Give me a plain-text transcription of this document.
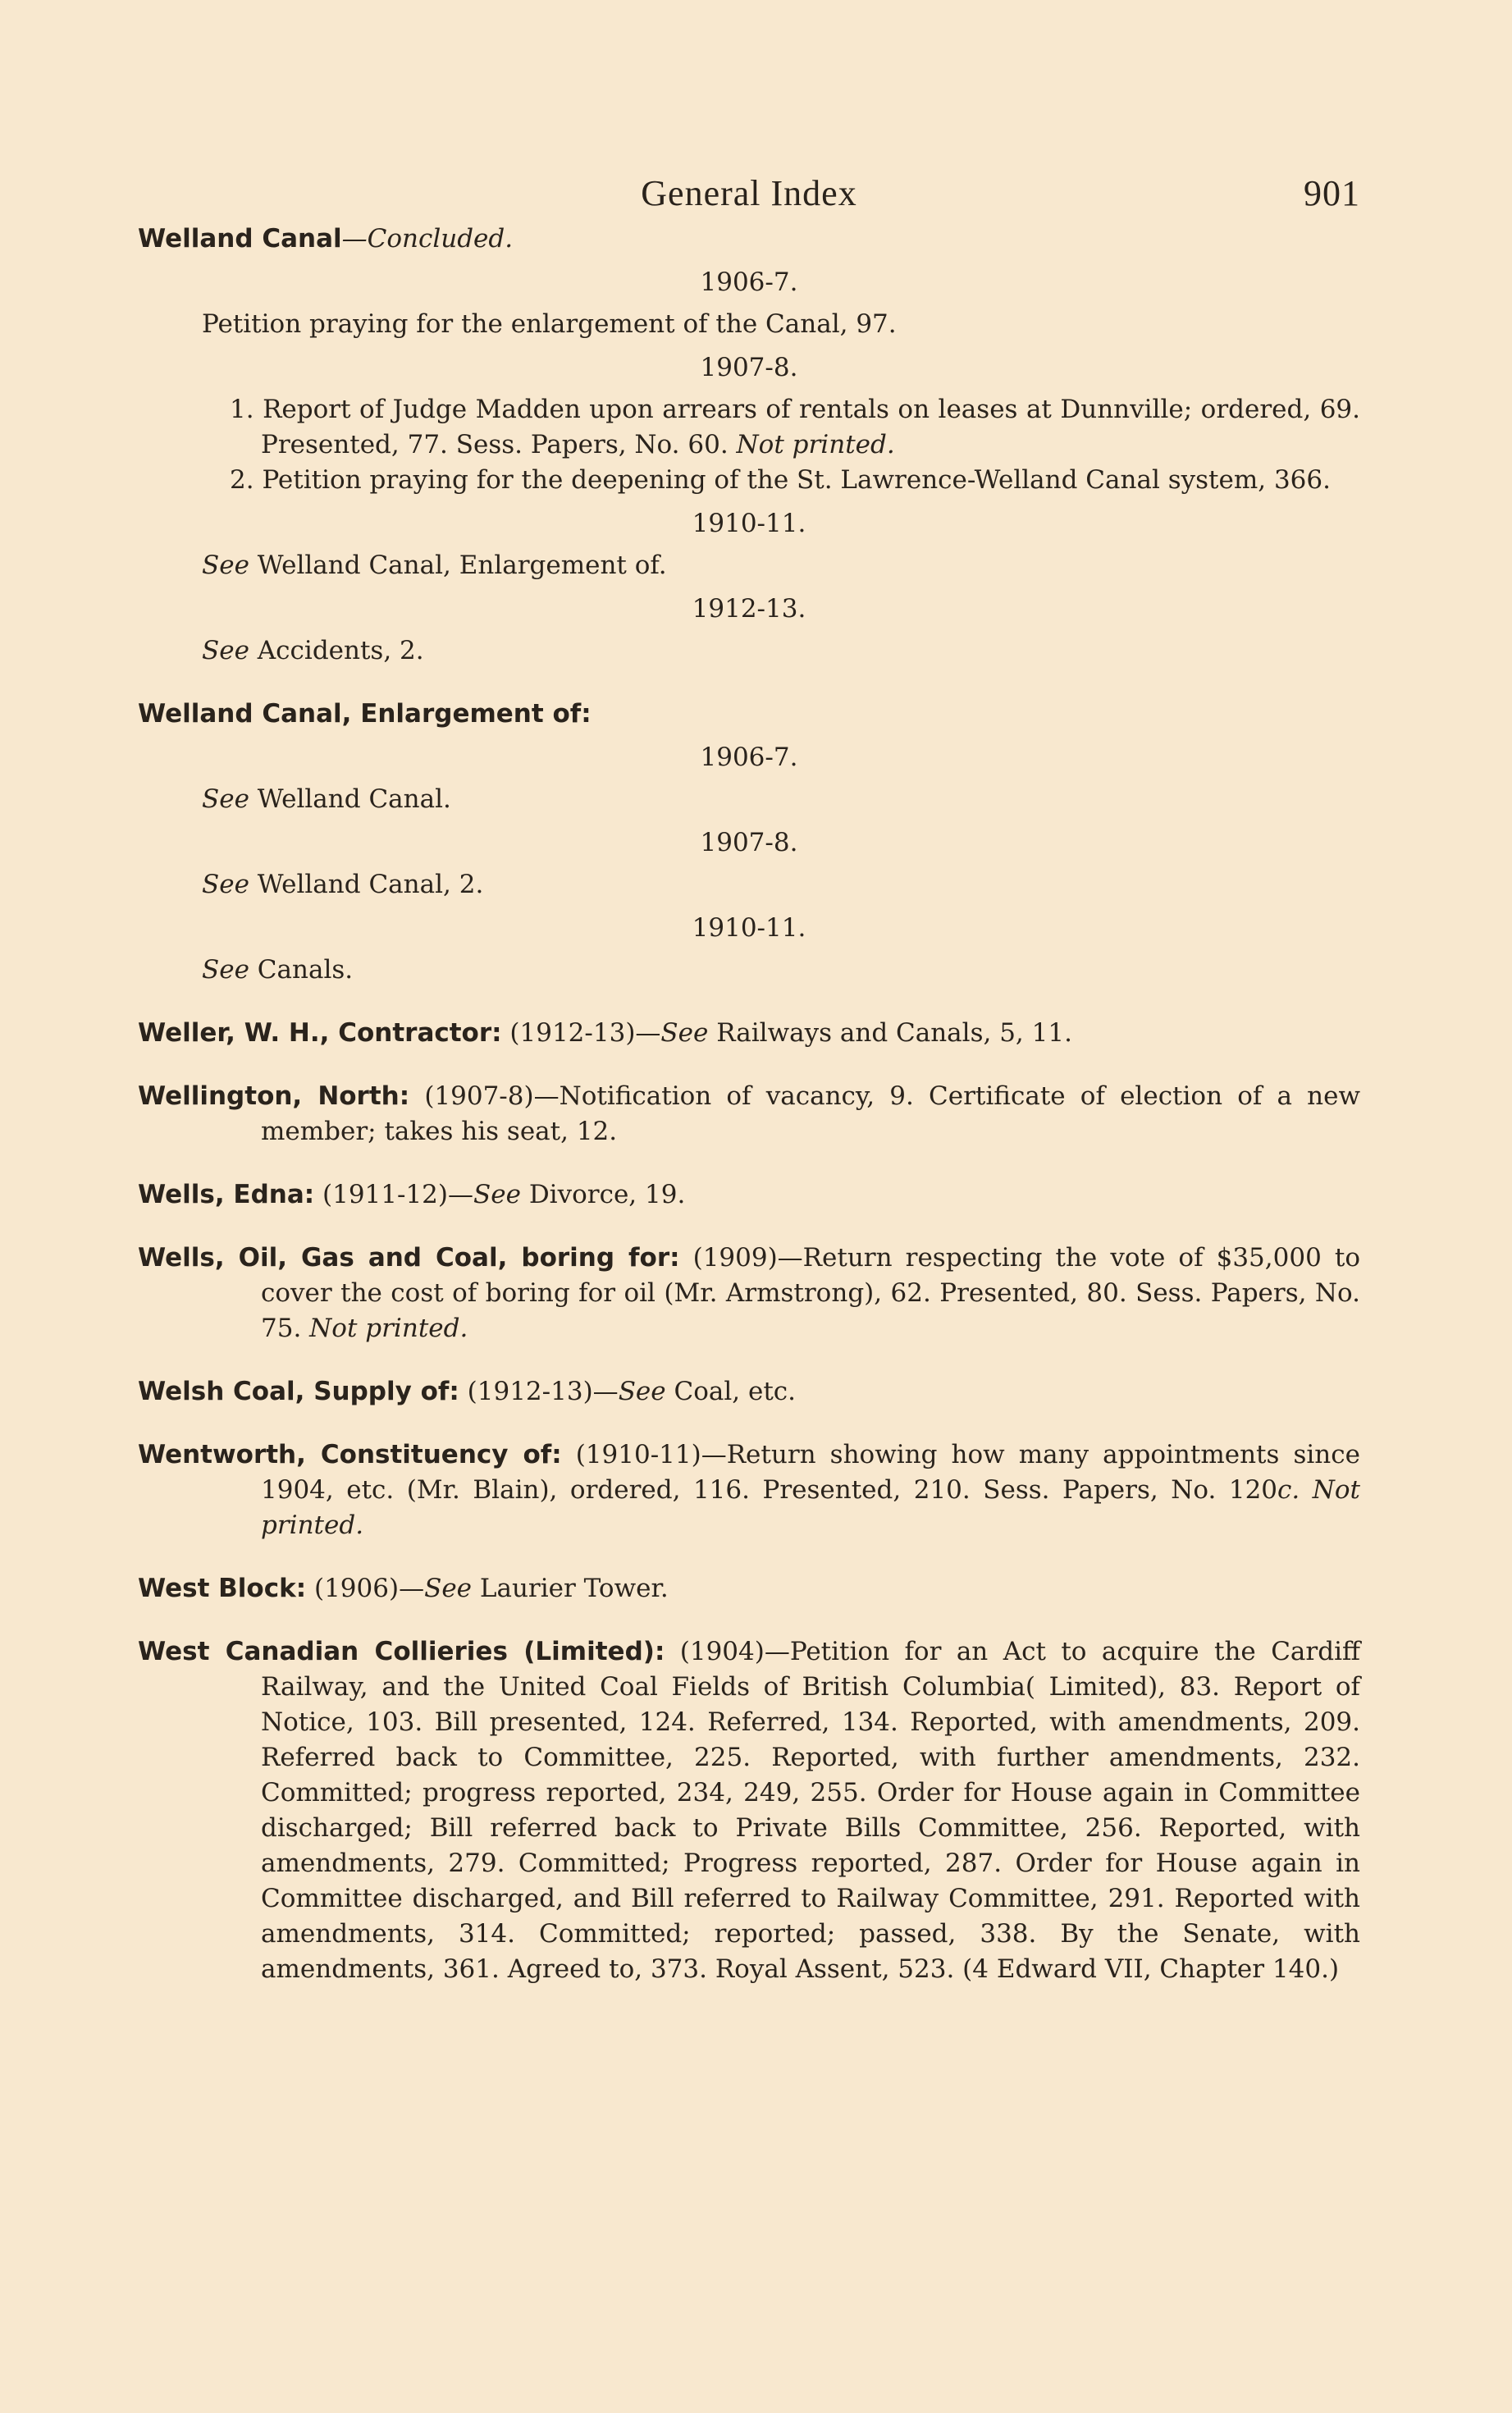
General Index	901
Welland Canal—Concluded.
1906-7.
Petition praying for the enlargement of the Canal, 97.
1907-8.
1. Report of Judge Madden upon arrears of rentals on leases at Dunnville; ordered, 69. Presented, 77. Sess. Papers, No. 60. Not printed.
2. Petition praying for the deepening of the St. Lawrence-Welland Canal system, 366.
1910-11.
See Welland Canal, Enlargement of.
1912-13.
See Accidents, 2.
Welland Canal, Enlargement of:
1906-7.
See Welland Canal.
1907-8.
See Welland Canal, 2.
1910-11.
See Canals.
Weller, W. H., Contractor: (1912-13)—See Railways and Canals, 5, 11.
Wellington, North: (1907-8)—Notification of vacancy, 9. Certificate of election of a new member; takes his seat, 12.
Wells, Edna: (1911-12)—See Divorce, 19.
Wells, Oil, Gas and Coal, boring for: (1909)—Return respecting the vote of $35,000 to cover the cost of boring for oil (Mr. Armstrong), 62. Presented, 80. Sess. Papers, No. 75. Not printed.
Welsh Coal, Supply of: (1912-13)—See Coal, etc.
Wentworth, Constituency of: (1910-11)—Return showing how many appointments since 1904, etc. (Mr. Blain), ordered, 116. Presented, 210. Sess. Papers, No. 120c. Not printed.
West Block: (1906)—See Laurier Tower.
West Canadian Collieries (Limited): (1904)—Petition for an Act to acquire the Cardiff Railway, and the United Coal Fields of British Columbia( Limited), 83. Report of Notice, 103. Bill presented, 124. Referred, 134. Reported, with amendments, 209. Referred back to Committee, 225. Reported, with further amendments, 232. Committed; progress reported, 234, 249, 255. Order for House again in Committee discharged; Bill referred back to Private Bills Committee, 256. Reported, with amendments, 279. Committed; Progress reported, 287. Order for House again in Committee discharged, and Bill referred to Railway Committee, 291. Reported with amendments, 314. Committed; reported; passed, 338. By the Senate, with amendments, 361. Agreed to, 373. Royal Assent, 523. (4 Edward VII, Chapter 140.)
